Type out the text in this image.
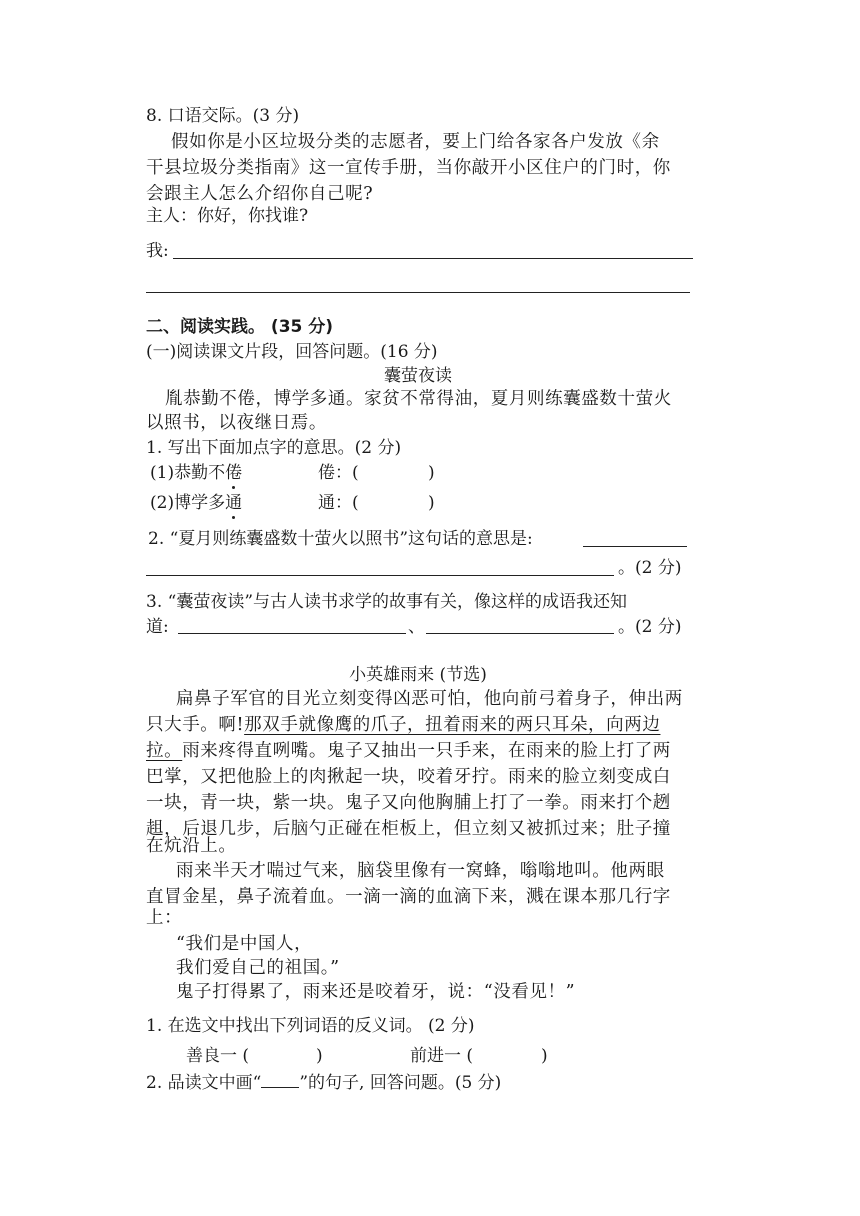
8. 口语交际。(3 分)
假如你是小区垃圾分类的志愿者，要上门给各家各户发放《余
干县垃圾分类指南》这一宣传手册，当你敲开小区住户的门时，你
会跟主人怎么介绍你自己呢?
主人：你好，你找谁?
我:
二、阅读实践。 (35 分)
(一)阅读课文片段，回答问题。(16 分)
囊萤夜读
胤恭勤不倦，博学多通。家贫不常得油，夏月则练囊盛数十萤火
以照书，以夜继日焉。
1. 写出下面加点字的意思。(2 分)
(1)恭勤不倦	倦：(	)
(2)博学多通	通：(	)
2. “夏月则练囊盛数十萤火以照书”这句话的意思是:
。(2 分)
3. “囊萤夜读”与古人读书求学的故事有关，像这样的成语我还知
道:	、	。(2 分)
小英雄雨来 (节选)
扁鼻子军官的目光立刻变得凶恶可怕，他向前弓着身子，伸出两
只大手。啊!那双手就像鹰的爪子，扭着雨来的两只耳朵，向两边
拉。雨来疼得直咧嘴。鬼子又抽出一只手来，在雨来的脸上打了两
巴掌，又把他脸上的肉揪起一块，咬着牙拧。雨来的脸立刻变成白
一块，青一块，紫一块。鬼子又向他胸脯上打了一拳。雨来打个趔
趄，后退几步，后脑勺正碰在柜板上，但立刻又被抓过来；肚子撞
在炕沿上。
雨来半天才喘过气来，脑袋里像有一窝蜂，嗡嗡地叫。他两眼
直冒金星，鼻子流着血。一滴一滴的血滴下来，溅在课本那几行字
上：
“我们是中国人，
我们爱自己的祖国。”
鬼子打得累了，雨来还是咬着牙，说：“没看见！”
1. 在选文中找出下列词语的反义词。 (2 分)
善良一 (	)	前进一 (	)
2. 品读文中画“ ”的句子, 回答问题。(5 分)
